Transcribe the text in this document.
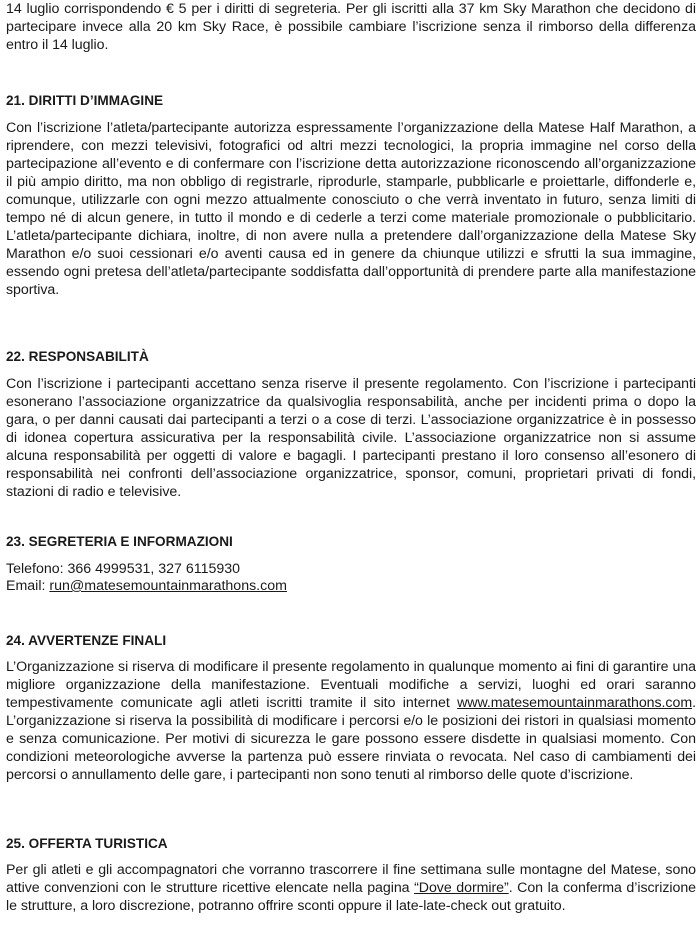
14 luglio corrispondendo € 5 per i diritti di segreteria. Per gli iscritti alla 37 km Sky Marathon che decidono di partecipare invece alla 20 km Sky Race, è possibile cambiare l’iscrizione senza il rimborso della differenza entro il 14 luglio.

21. DIRITTI D’IMMAGINE

Con l’iscrizione l’atleta/partecipante autorizza espressamente l’organizzazione della Matese Half Marathon, a riprendere, con mezzi televisivi, fotografici od altri mezzi tecnologici, la propria immagine nel corso della partecipazione all’evento e di confermare con l’iscrizione detta autorizzazione riconoscendo all’organizzazione il più ampio diritto, ma non obbligo di registrarle, riprodurle, stamparle, pubblicarle e proiettarle, diffonderle e, comunque, utilizzarle con ogni mezzo attualmente conosciuto o che verrà inventato in futuro, senza limiti di tempo né di alcun genere, in tutto il mondo e di cederle a terzi come materiale promozionale o pubblicitario. L’atleta/partecipante dichiara, inoltre, di non avere nulla a pretendere dall’organizzazione della Matese Sky Marathon e/o suoi cessionari e/o aventi causa ed in genere da chiunque utilizzi e sfrutti la sua immagine, essendo ogni pretesa dell’atleta/partecipante soddisfatta dall’opportunità di prendere parte alla manifestazione sportiva.

22. RESPONSABILITÀ

Con l’iscrizione i partecipanti accettano senza riserve il presente regolamento. Con l’iscrizione i partecipanti esonerano l’associazione organizzatrice da qualsivoglia responsabilità, anche per incidenti prima o dopo la gara, o per danni causati dai partecipanti a terzi o a cose di terzi. L’associazione organizzatrice è in possesso di idonea copertura assicurativa per la responsabilità civile. L’associazione organizzatrice non si assume alcuna responsabilità per oggetti di valore e bagagli. I partecipanti prestano il loro consenso all’esonero di responsabilità nei confronti dell’associazione organizzatrice, sponsor, comuni, proprietari privati di fondi, stazioni di radio e televisive.

23. SEGRETERIA E INFORMAZIONI

Telefono: 366 4999531, 327 6115930

Email: run@matesemountainmarathons.com

24. AVVERTENZE FINALI

L’Organizzazione si riserva di modificare il presente regolamento in qualunque momento ai fini di garantire una migliore organizzazione della manifestazione. Eventuali modifiche a servizi, luoghi ed orari saranno tempestivamente comunicate agli atleti iscritti tramite il sito internet www.matesemountainmarathons.com. L’organizzazione si riserva la possibilità di modificare i percorsi e/o le posizioni dei ristori in qualsiasi momento e senza comunicazione. Per motivi di sicurezza le gare possono essere disdette in qualsiasi momento. Con condizioni meteorologiche avverse la partenza può essere rinviata o revocata. Nel caso di cambiamenti dei percorsi o annullamento delle gare, i partecipanti non sono tenuti al rimborso delle quote d’iscrizione.

25. OFFERTA TURISTICA

Per gli atleti e gli accompagnatori che vorranno trascorrere il fine settimana sulle montagne del Matese, sono attive convenzioni con le strutture ricettive elencate nella pagina “Dove dormire”. Con la conferma d’iscrizione le strutture, a loro discrezione, potranno offrire sconti oppure il late-late-check out gratuito.
